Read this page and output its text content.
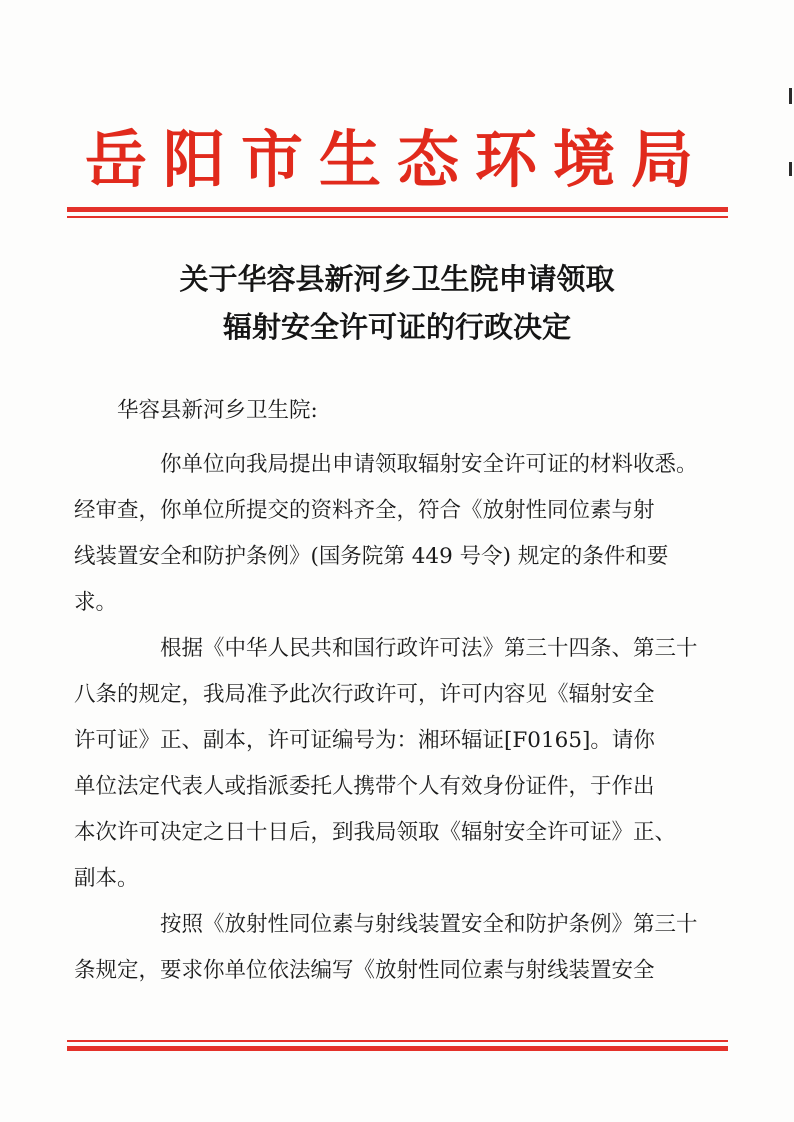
岳阳市生态环境局
关于华容县新河乡卫生院申请领取
辐射安全许可证的行政决定
华容县新河乡卫生院:
你单位向我局提出申请领取辐射安全许可证的材料收悉。
经审查，你单位所提交的资料齐全，符合《放射性同位素与射
线装置安全和防护条例》(国务院第 449 号令) 规定的条件和要
求。
根据《中华人民共和国行政许可法》第三十四条、第三十
八条的规定，我局准予此次行政许可，许可内容见《辐射安全
许可证》正、副本，许可证编号为：湘环辐证[F0165]。请你
单位法定代表人或指派委托人携带个人有效身份证件，于作出
本次许可决定之日十日后，到我局领取《辐射安全许可证》正、
副本。
按照《放射性同位素与射线装置安全和防护条例》第三十
条规定，要求你单位依法编写《放射性同位素与射线装置安全
